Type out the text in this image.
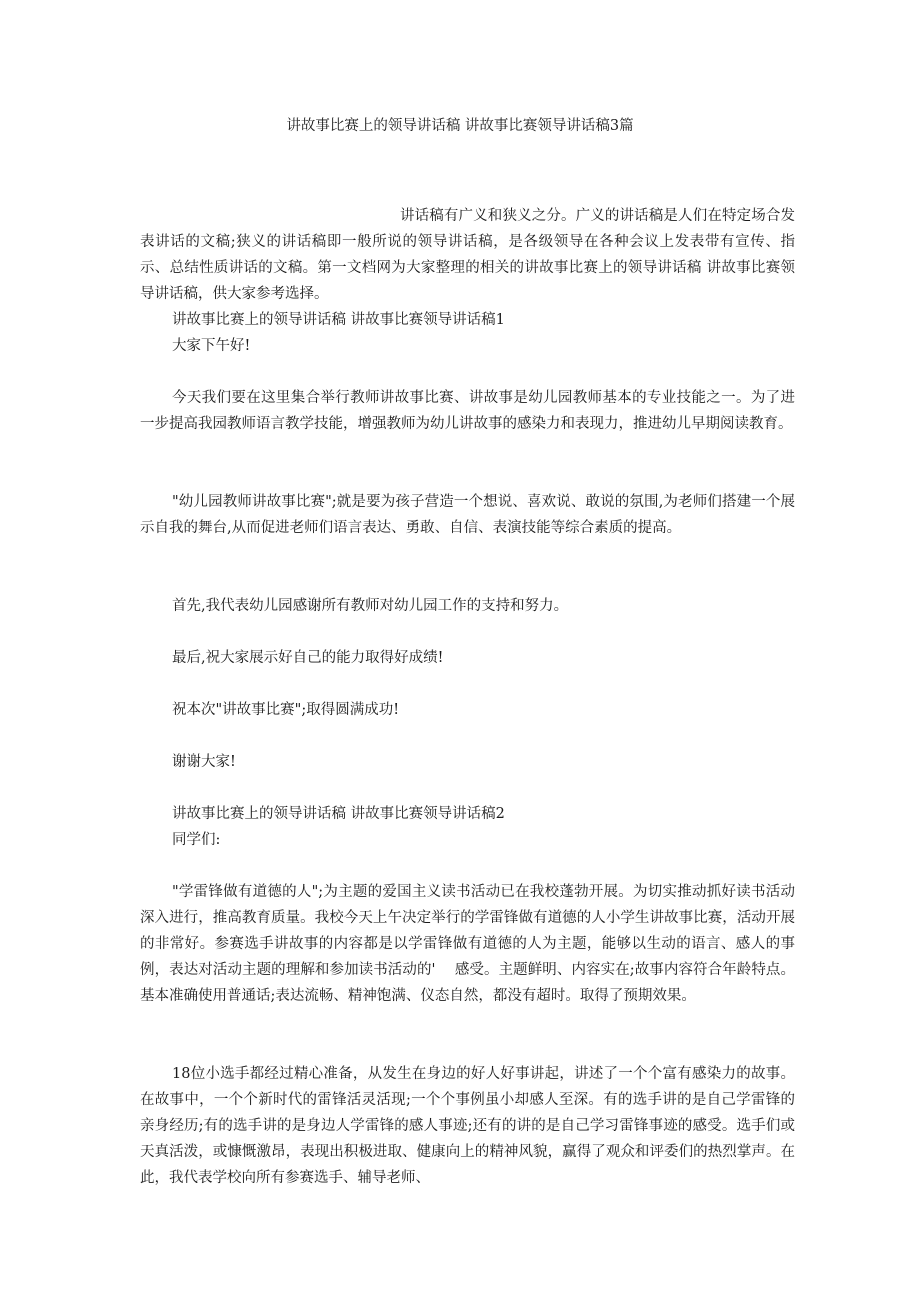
讲故事比赛上的领导讲话稿 讲故事比赛领导讲话稿3篇
讲话稿有广义和狭义之分。广义的讲话稿是人们在特定场合发表讲话的文稿;狭义的讲话稿即一般所说的领导讲话稿，是各级领导在各种会议上发表带有宣传、指示、总结性质讲话的文稿。第一文档网为大家整理的相关的讲故事比赛上的领导讲话稿 讲故事比赛领导讲话稿，供大家参考选择。
讲故事比赛上的领导讲话稿 讲故事比赛领导讲话稿1
大家下午好!
今天我们要在这里集合举行教师讲故事比赛、讲故事是幼儿园教师基本的专业技能之一。为了进一步提高我园教师语言教学技能，增强教师为幼儿讲故事的感染力和表现力，推进幼儿早期阅读教育。
"幼儿园教师讲故事比赛";就是要为孩子营造一个想说、喜欢说、敢说的氛围,为老师们搭建一个展示自我的舞台,从而促进老师们语言表达、勇敢、自信、表演技能等综合素质的提高。
首先,我代表幼儿园感谢所有教师对幼儿园工作的支持和努力。
最后,祝大家展示好自己的能力取得好成绩!
祝本次"讲故事比赛";取得圆满成功!
谢谢大家!
讲故事比赛上的领导讲话稿 讲故事比赛领导讲话稿2
同学们:
"学雷锋做有道德的人";为主题的爱国主义读书活动已在我校蓬勃开展。为切实推动抓好读书活动深入进行，推高教育质量。我校今天上午决定举行的学雷锋做有道德的人小学生讲故事比赛，活动开展的非常好。参赛选手讲故事的内容都是以学雷锋做有道德的人为主题，能够以生动的语言、感人的事例，表达对活动主题的理解和参加读书活动的'　 感受。主题鲜明、内容实在;故事内容符合年龄特点。基本准确使用普通话;表达流畅、精神饱满、仪态自然，都没有超时。取得了预期效果。
18位小选手都经过精心准备，从发生在身边的好人好事讲起，讲述了一个个富有感染力的故事。在故事中，一个个新时代的雷锋活灵活现;一个个事例虽小却感人至深。有的选手讲的是自己学雷锋的亲身经历;有的选手讲的是身边人学雷锋的感人事迹;还有的讲的是自己学习雷锋事迹的感受。选手们或天真活泼，或慷慨激昂，表现出积极进取、健康向上的精神风貌，赢得了观众和评委们的热烈掌声。在此，我代表学校向所有参赛选手、辅导老师、
